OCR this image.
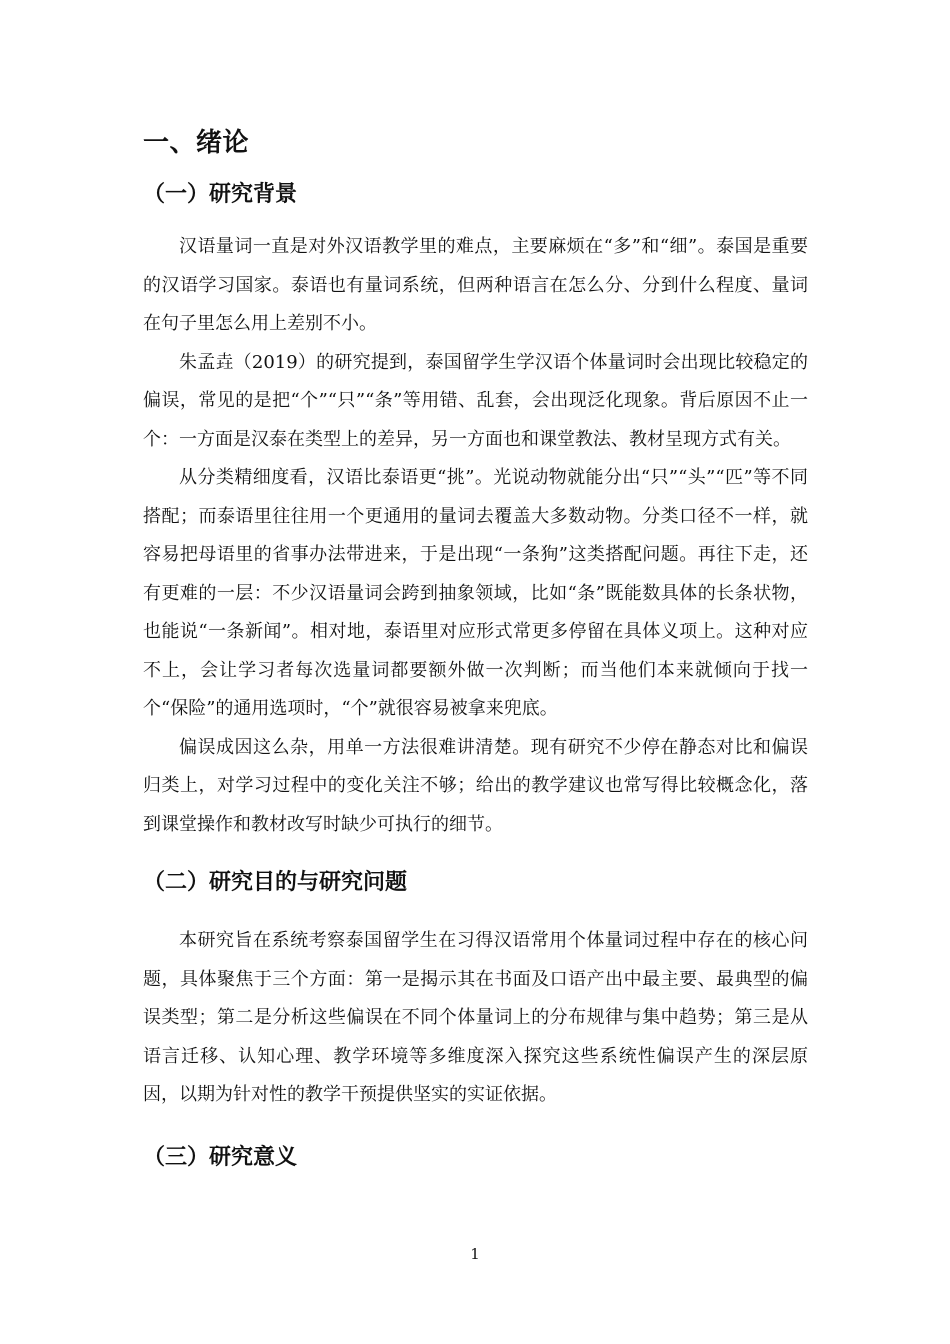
一、绪论
（一）研究背景

汉语量词一直是对外汉语教学里的难点，主要麻烦在“多”和“细”。泰国是重要的汉语学习国家。泰语也有量词系统，但两种语言在怎么分、分到什么程度、量词在句子里怎么用上差别不小。

朱孟垚（2019）的研究提到，泰国留学生学汉语个体量词时会出现比较稳定的偏误，常见的是把“个”“只”“条”等用错、乱套，会出现泛化现象。背后原因不止一个：一方面是汉泰在类型上的差异，另一方面也和课堂教法、教材呈现方式有关。

从分类精细度看，汉语比泰语更“挑”。光说动物就能分出“只”“头”“匹”等不同搭配；而泰语里往往用一个更通用的量词去覆盖大多数动物。分类口径不一样，就容易把母语里的省事办法带进来，于是出现“一条狗”这类搭配问题。再往下走，还有更难的一层：不少汉语量词会跨到抽象领域，比如“条”既能数具体的长条状物，也能说“一条新闻”。相对地，泰语里对应形式常更多停留在具体义项上。这种对应不上，会让学习者每次选量词都要额外做一次判断；而当他们本来就倾向于找一个“保险”的通用选项时，“个”就很容易被拿来兜底。

偏误成因这么杂，用单一方法很难讲清楚。现有研究不少停在静态对比和偏误归类上，对学习过程中的变化关注不够；给出的教学建议也常写得比较概念化，落到课堂操作和教材改写时缺少可执行的细节。

（二）研究目的与研究问题

本研究旨在系统考察泰国留学生在习得汉语常用个体量词过程中存在的核心问题，具体聚焦于三个方面：第一是揭示其在书面及口语产出中最主要、最典型的偏误类型；第二是分析这些偏误在不同个体量词上的分布规律与集中趋势；第三是从语言迁移、认知心理、教学环境等多维度深入探究这些系统性偏误产生的深层原因，以期为针对性的教学干预提供坚实的实证依据。

（三）研究意义
1
